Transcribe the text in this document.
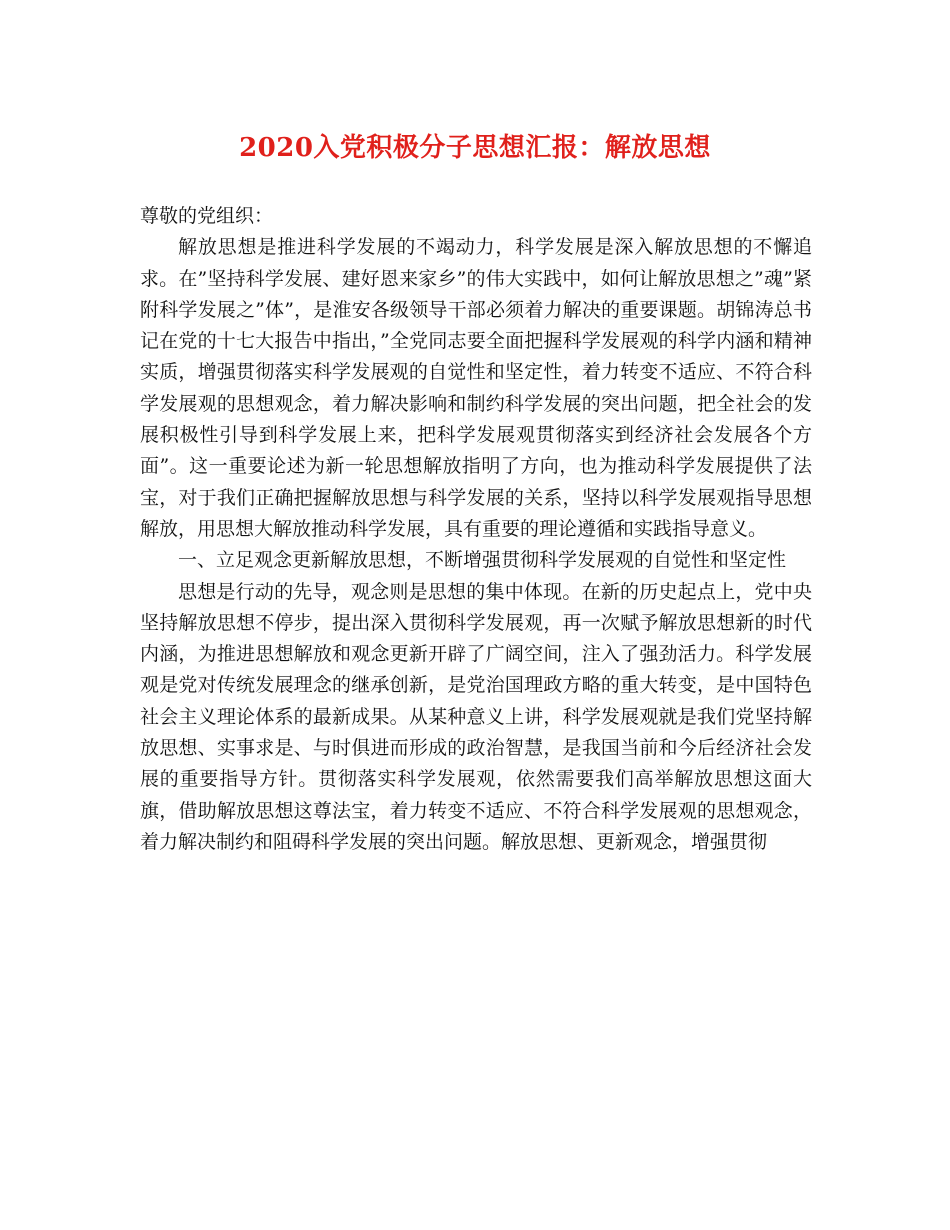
2020入党积极分子思想汇报：解放思想

尊敬的党组织：

解放思想是推进科学发展的不竭动力，科学发展是深入解放思想的不懈追求。在”坚持科学发展、建好恩来家乡”的伟大实践中，如何让解放思想之”魂”紧附科学发展之”体”，是淮安各级领导干部必须着力解决的重要课题。胡锦涛总书记在党的十七大报告中指出，”全党同志要全面把握科学发展观的科学内涵和精神实质，增强贯彻落实科学发展观的自觉性和坚定性，着力转变不适应、不符合科学发展观的思想观念，着力解决影响和制约科学发展的突出问题，把全社会的发展积极性引导到科学发展上来，把科学发展观贯彻落实到经济社会发展各个方面”。这一重要论述为新一轮思想解放指明了方向，也为推动科学发展提供了法宝，对于我们正确把握解放思想与科学发展的关系，坚持以科学发展观指导思想解放，用思想大解放推动科学发展，具有重要的理论遵循和实践指导意义。

一、立足观念更新解放思想，不断增强贯彻科学发展观的自觉性和坚定性

思想是行动的先导，观念则是思想的集中体现。在新的历史起点上，党中央坚持解放思想不停步，提出深入贯彻科学发展观，再一次赋予解放思想新的时代内涵，为推进思想解放和观念更新开辟了广阔空间，注入了强劲活力。科学发展观是党对传统发展理念的继承创新，是党治国理政方略的重大转变，是中国特色社会主义理论体系的最新成果。从某种意义上讲，科学发展观就是我们党坚持解放思想、实事求是、与时俱进而形成的政治智慧，是我国当前和今后经济社会发展的重要指导方针。贯彻落实科学发展观，依然需要我们高举解放思想这面大旗，借助解放思想这尊法宝，着力转变不适应、不符合科学发展观的思想观念，着力解决制约和阻碍科学发展的突出问题。解放思想、更新观念，增强贯彻
